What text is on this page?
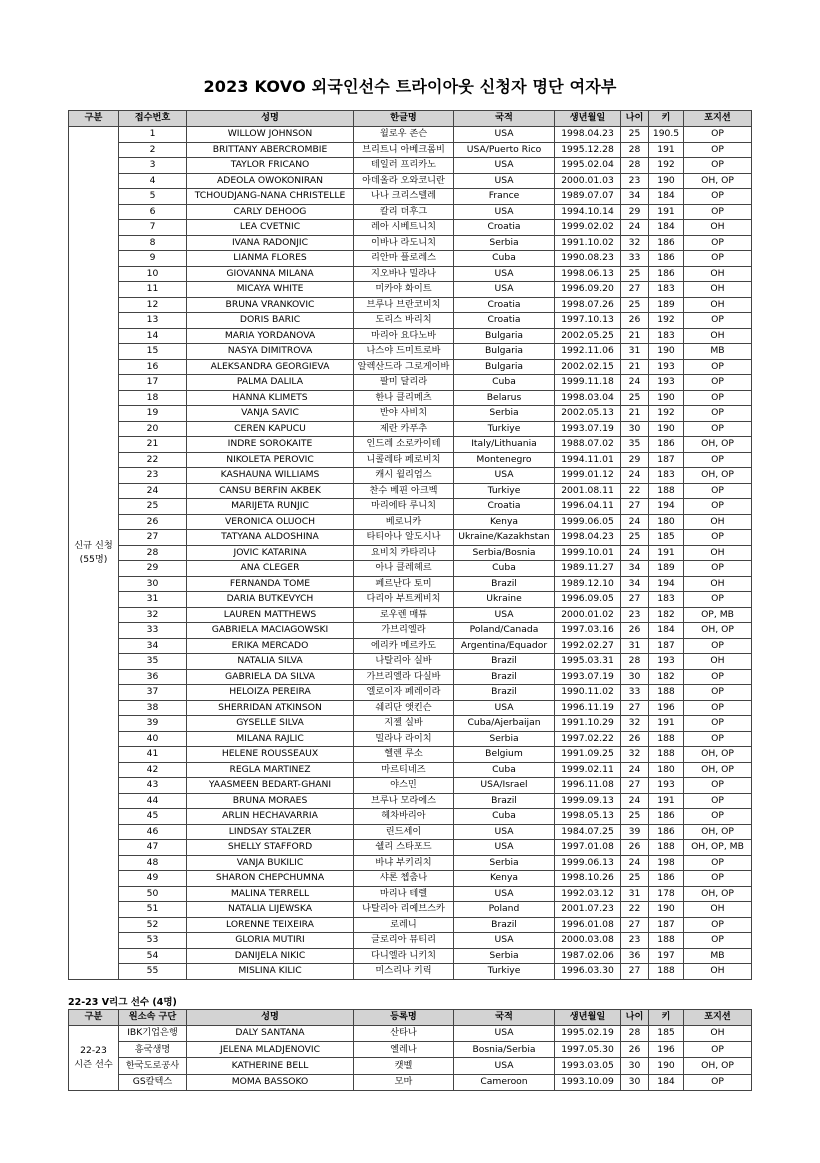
2023 KOVO 외국인선수 트라이아웃 신청자 명단 여자부
구분	접수번호	성명	한글명	국적	생년월일	나이	키	포지션
신규 신청
(55명)	1	WILLOW JOHNSON	윌로우 존슨	USA	1998.04.23	25	190.5	OP
	2	BRITTANY ABERCROMBIE	브리트니 아베크롬비	USA/Puerto Rico	1995.12.28	28	191	OP
	3	TAYLOR FRICANO	테일러 프리카노	USA	1995.02.04	28	192	OP
	4	ADEOLA OWOKONIRAN	아데올라 오와코니란	USA	2000.01.03	23	190	OH, OP
	5	TCHOUDJANG-NANA CHRISTELLE	나나 크리스텔레	France	1989.07.07	34	184	OP
	6	CARLY DEHOOG	칼리 더후그	USA	1994.10.14	29	191	OP
	7	LEA CVETNIC	레아 시베트니치	Croatia	1999.02.02	24	184	OH
	8	IVANA RADONJIC	이바나 라도니치	Serbia	1991.10.02	32	186	OP
	9	LIANMA FLORES	리안마 플로레스	Cuba	1990.08.23	33	186	OP
	10	GIOVANNA MILANA	지오바나 밀라나	USA	1998.06.13	25	186	OH
	11	MICAYA WHITE	미카야 화이트	USA	1996.09.20	27	183	OH
	12	BRUNA VRANKOVIC	브루나 브란코비치	Croatia	1998.07.26	25	189	OH
	13	DORIS BARIC	도리스 바리치	Croatia	1997.10.13	26	192	OP
	14	MARIA YORDANOVA	마리아 요다노바	Bulgaria	2002.05.25	21	183	OH
	15	NASYA DIMITROVA	나스야 드미트로바	Bulgaria	1992.11.06	31	190	MB
	16	ALEKSANDRA GEORGIEVA	알렉산드라 그로게이바	Bulgaria	2002.02.15	21	193	OP
	17	PALMA DALILA	팔미 달리라	Cuba	1999.11.18	24	193	OP
	18	HANNA KLIMETS	한나 클리메츠	Belarus	1998.03.04	25	190	OP
	19	VANJA SAVIC	반야 사비치	Serbia	2002.05.13	21	192	OP
	20	CEREN KAPUCU	제란 카푸추	Turkiye	1993.07.19	30	190	OP
	21	INDRE SOROKAITE	인드레 소로카이테	Italy/Lithuania	1988.07.02	35	186	OH, OP
	22	NIKOLETA PEROVIC	니콜레타 페로비치	Montenegro	1994.11.01	29	187	OP
	23	KASHAUNA WILLIAMS	캐시 윌리엄스	USA	1999.01.12	24	183	OH, OP
	24	CANSU BERFIN AKBEK	찬수 베핀 아크벡	Turkiye	2001.08.11	22	188	OP
	25	MARIJETA RUNJIC	마리에타 루니치	Croatia	1996.04.11	27	194	OP
	26	VERONICA OLUOCH	베로니카	Kenya	1999.06.05	24	180	OH
	27	TATYANA ALDOSHINA	타티아나 알도시나	Ukraine/Kazakhstan	1998.04.23	25	185	OP
	28	JOVIC KATARINA	요비치 카타리나	Serbia/Bosnia	1999.10.01	24	191	OH
	29	ANA CLEGER	아나 클레헤르	Cuba	1989.11.27	34	189	OP
	30	FERNANDA TOME	페르난다 토미	Brazil	1989.12.10	34	194	OH
	31	DARIA BUTKEVYCH	다리아 부트케비치	Ukraine	1996.09.05	27	183	OP
	32	LAUREN MATTHEWS	로우렌 매튜	USA	2000.01.02	23	182	OP, MB
	33	GABRIELA MACIAGOWSKI	가브리엘라	Poland/Canada	1997.03.16	26	184	OH, OP
	34	ERIKA MERCADO	에리카 메르카도	Argentina/Equador	1992.02.27	31	187	OP
	35	NATALIA SILVA	나탈리아 실바	Brazil	1995.03.31	28	193	OH
	36	GABRIELA DA SILVA	가브리엘라 다실바	Brazil	1993.07.19	30	182	OP
	37	HELOIZA PEREIRA	엘로이자 페레이라	Brazil	1990.11.02	33	188	OP
	38	SHERRIDAN ATKINSON	쉐리단 앳킨슨	USA	1996.11.19	27	196	OP
	39	GYSELLE SILVA	지젤 실바	Cuba/Ajerbaijan	1991.10.29	32	191	OP
	40	MILANA RAJLIC	밀라나 라이치	Serbia	1997.02.22	26	188	OP
	41	HELENE ROUSSEAUX	헬렌 루소	Belgium	1991.09.25	32	188	OH, OP
	42	REGLA MARTINEZ	마르티네즈	Cuba	1999.02.11	24	180	OH, OP
	43	YAASMEEN BEDART-GHANI	야스민	USA/Israel	1996.11.08	27	193	OP
	44	BRUNA MORAES	브루나 모라에스	Brazil	1999.09.13	24	191	OP
	45	ARLIN HECHAVARRIA	헤차바리아	Cuba	1998.05.13	25	186	OP
	46	LINDSAY STALZER	린드세이	USA	1984.07.25	39	186	OH, OP
	47	SHELLY STAFFORD	쉘리 스타포드	USA	1997.01.08	26	188	OH, OP, MB
	48	VANJA BUKILIC	바냐 부키리치	Serbia	1999.06.13	24	198	OP
	49	SHARON CHEPCHUMNA	샤론 쳅춤나	Kenya	1998.10.26	25	186	OP
	50	MALINA TERRELL	마리나 테렐	USA	1992.03.12	31	178	OH, OP
	51	NATALIA LIJEWSKA	나탈리아 리예브스카	Poland	2001.07.23	22	190	OH
	52	LORENNE TEIXEIRA	로레니	Brazil	1996.01.08	27	187	OP
	53	GLORIA MUTIRI	글로리아 뮤티리	USA	2000.03.08	23	188	OP
	54	DANIJELA NIKIC	다니엘라 니키치	Serbia	1987.02.06	36	197	MB
	55	MISLINA KILIC	미스리나 키릭	Turkiye	1996.03.30	27	188	OH
22-23 V리그 선수 (4명)
구분	원소속 구단	성명	등록명	국적	생년월일	나이	키	포지션
22-23
시즌 선수	IBK기업은행	DALY SANTANA	산타나	USA	1995.02.19	28	185	OH
	흥국생명	JELENA MLADJENOVIC	옐레나	Bosnia/Serbia	1997.05.30	26	196	OP
	한국도로공사	KATHERINE BELL	캣벨	USA	1993.03.05	30	190	OH, OP
	GS칼텍스	MOMA BASSOKO	모마	Cameroon	1993.10.09	30	184	OP
